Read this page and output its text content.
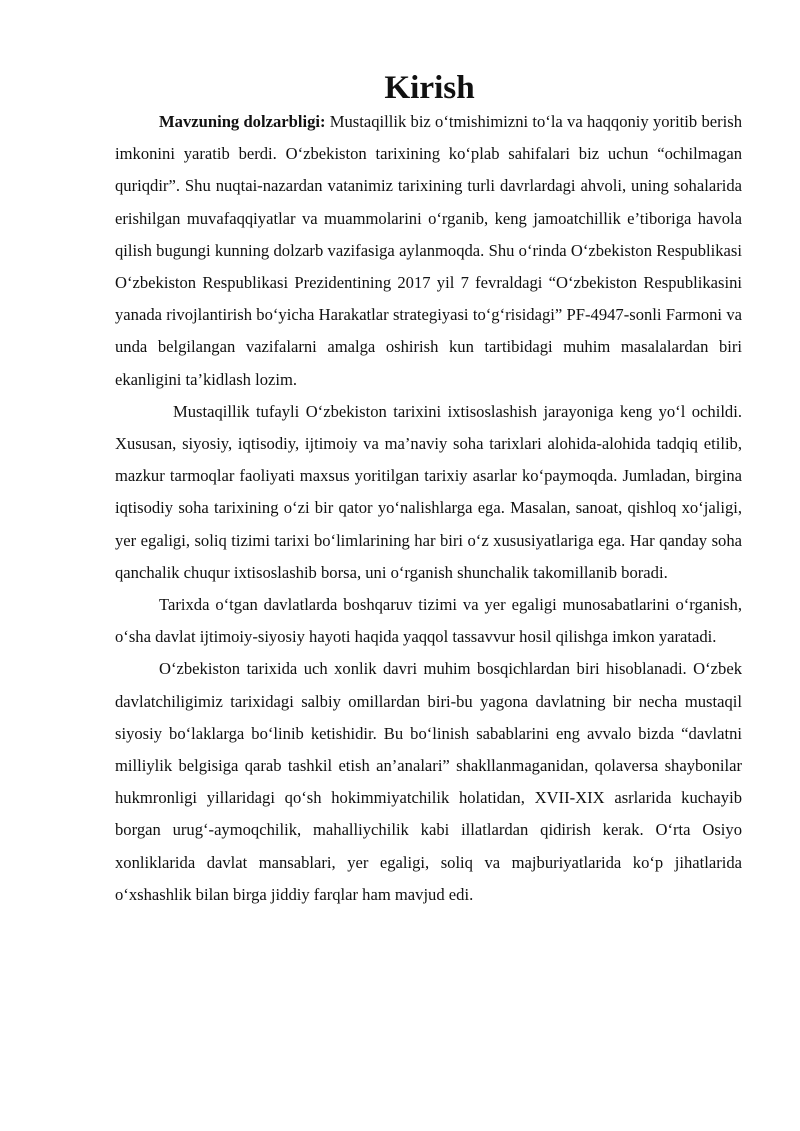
Kirish

Mavzuning dolzarbligi: Mustaqillik biz o‘tmishimizni to‘la va haqqoniy yoritib berish imkonini yaratib berdi. O‘zbekiston tarixining ko‘plab sahifalari biz uchun “ochilmagan quriqdir”. Shu nuqtai-nazardan vatanimiz tarixining turli davrlardagi ahvoli, uning sohalarida erishilgan muvafaqqiyatlar va muammolarini o‘rganib, keng jamoatchillik e’tiboriga havola qilish bugungi kunning dolzarb vazifasiga aylanmoqda. Shu o‘rinda O‘zbekiston Respublikasi O‘zbekiston Respublikasi Prezidentining 2017 yil 7 fevraldagi “O‘zbekiston Respublikasini yanada rivojlantirish bo‘yicha Harakatlar strategiyasi to‘g‘risidagi” PF-4947-sonli Farmoni va unda belgilangan vazifalarni amalga oshirish kun tartibidagi muhim masalalardan biri ekanligini ta’kidlash lozim.

Mustaqillik tufayli O‘zbekiston tarixini ixtisoslashish jarayoniga keng yo‘l ochildi. Xususan, siyosiy, iqtisodiy, ijtimoiy va ma’naviy soha tarixlari alohida-alohida tadqiq etilib, mazkur tarmoqlar faoliyati maxsus yoritilgan tarixiy asarlar ko‘paymoqda. Jumladan, birgina iqtisodiy soha tarixining o‘zi bir qator yo‘nalishlarga ega. Masalan, sanoat, qishloq xo‘jaligi, yer egaligi, soliq tizimi tarixi bo‘limlarining har biri o‘z xususiyatlariga ega. Har qanday soha qanchalik chuqur ixtisoslashib borsa, uni o‘rganish shunchalik takomillanib boradi.

Tarixda o‘tgan davlatlarda boshqaruv tizimi va yer egaligi munosabatlarini o‘rganish, o‘sha davlat ijtimoiy-siyosiy hayoti haqida yaqqol tassavvur hosil qilishga imkon yaratadi.

O‘zbekiston tarixida uch xonlik davri muhim bosqichlardan biri hisoblanadi. O‘zbek davlatchiligimiz tarixidagi salbiy omillardan biri-bu yagona davlatning bir necha mustaqil siyosiy bo‘laklarga bo‘linib ketishidir. Bu bo‘linish sabablarini eng avvalo bizda “davlatni milliylik belgisiga qarab tashkil etish an’analari” shakllanmaganidan, qolaversa shaybonilar hukmronligi yillaridagi qo‘sh hokimmiyatchilik holatidan, XVII-XIX asrlarida kuchayib borgan urug‘-aymoqchilik, mahalliychilik kabi illatlardan qidirish kerak. O‘rta Osiyo xonliklarida davlat mansablari, yer egaligi, soliq va majburiyatlarida ko‘p jihatlarida o‘xshashlik bilan birga jiddiy farqlar ham mavjud edi.
